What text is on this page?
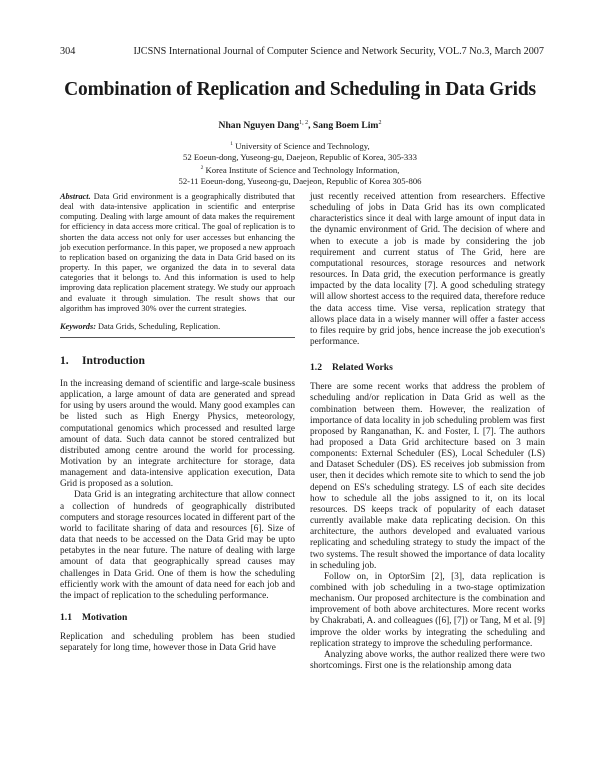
304	IJCSNS International Journal of Computer Science and Network Security, VOL.7 No.3, March 2007
Combination of Replication and Scheduling in Data Grids
Nhan Nguyen Dang$^{1, 2}$, Sang Boem Lim$^2$
$^1$ University of Science and Technology,
52 Eoeun-dong, Yuseong-gu, Daejeon, Republic of Korea, 305-333
$^2$ Korea Institute of Science and Technology Information,
52-11 Eoeun-dong, Yuseong-gu, Daejeon, Republic of Korea 305-806
Abstract. Data Grid environment is a geographically distributed that deal with data-intensive application in scientific and enterprise computing. Dealing with large amount of data makes the requirement for efficiency in data access more critical. The goal of replication is to shorten the data access not only for user accesses but enhancing the job execution performance. In this paper, we proposed a new approach to replication based on organizing the data in Data Grid based on its property. In this paper, we organized the data in to several data categories that it belongs to. And this information is used to help improving data replication placement strategy. We study our approach and evaluate it through simulation. The result shows that our algorithm has improved 30% over the current strategies.
Keywords: Data Grids, Scheduling, Replication.
1. Introduction

In the increasing demand of scientific and large-scale business application, a large amount of data are generated and spread for using by users around the would. Many good examples can be listed such as High Energy Physics, meteorology, computational genomics which processed and resulted large amount of data. Such data cannot be stored centralized but distributed among centre around the world for processing. Motivation by an integrate architecture for storage, data management and data-intensive application execution, Data Grid is proposed as a solution.

Data Grid is an integrating architecture that allow connect a collection of hundreds of geographically distributed computers and storage resources located in different part of the world to facilitate sharing of data and resources [6]. Size of data that needs to be accessed on the Data Grid may be upto petabytes in the near future. The nature of dealing with large amount of data that geographically spread causes may challenges in Data Grid. One of them is how the scheduling efficiently work with the amount of data need for each job and the impact of replication to the scheduling performance.

1.1 Motivation

Replication and scheduling problem has been studied separately for long time, however those in Data Grid have

just recently received attention from researchers. Effective scheduling of jobs in Data Grid has its own complicated characteristics since it deal with large amount of input data in the dynamic environment of Grid. The decision of where and when to execute a job is made by considering the job requirement and current status of The Grid, here are computational resources, storage resources and network resources. In Data grid, the execution performance is greatly impacted by the data locality [7]. A good scheduling strategy will allow shortest access to the required data, therefore reduce the data access time. Vise versa, replication strategy that allows place data in a wisely manner will offer a faster access to files require by grid jobs, hence increase the job execution's performance.

1.2 Related Works

There are some recent works that address the problem of scheduling and/or replication in Data Grid as well as the combination between them. However, the realization of importance of data locality in job scheduling problem was first proposed by Ranganathan, K. and Foster, I. [7]. The authors had proposed a Data Grid architecture based on 3 main components: External Scheduler (ES), Local Scheduler (LS) and Dataset Scheduler (DS). ES receives job submission from user, then it decides which remote site to which to send the job depend on ES's scheduling strategy. LS of each site decides how to schedule all the jobs assigned to it, on its local resources. DS keeps track of popularity of each dataset currently available make data replicating decision. On this architecture, the authors developed and evaluated various replicating and scheduling strategy to study the impact of the two systems. The result showed the importance of data locality in scheduling job.

Follow on, in OptorSim [2], [3], data replication is combined with job scheduling in a two-stage optimization mechanism. Our proposed architecture is the combination and improvement of both above architectures. More recent works by Chakrabati, A. and colleagues ([6], [7]) or Tang, M et al. [9] improve the older works by integrating the scheduling and replication strategy to improve the scheduling performance.

Analyzing above works, the author realized there were two shortcomings. First one is the relationship among data
